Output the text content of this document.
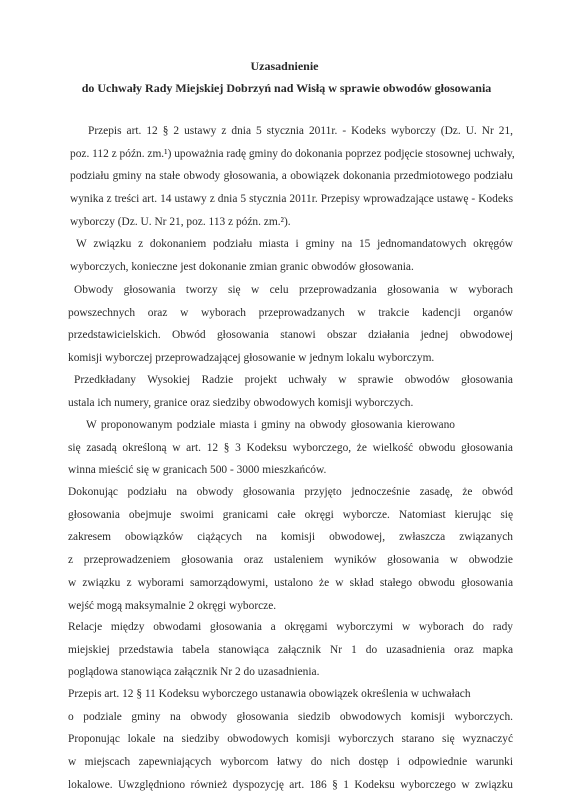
Uzasadnienie
do Uchwały Rady Miejskiej Dobrzyń nad Wisłą w sprawie obwodów głosowania
Przepis art. 12 § 2 ustawy z dnia 5 stycznia 2011r. - Kodeks wyborczy (Dz. U. Nr 21,
poz. 112 z późn. zm.¹) upoważnia radę gminy do dokonania poprzez podjęcie stosownej uchwały,
podziału gminy na stałe obwody głosowania, a obowiązek dokonania przedmiotowego podziału
wynika z treści art. 14 ustawy z dnia 5 stycznia 2011r. Przepisy wprowadzające ustawę - Kodeks
wyborczy (Dz. U. Nr 21, poz. 113 z późn. zm.²).
W związku z dokonaniem podziału miasta i gminy na 15 jednomandatowych okręgów
wyborczych, konieczne jest dokonanie zmian granic obwodów głosowania.
Obwody głosowania tworzy się w celu przeprowadzania głosowania w wyborach
powszechnych oraz w wyborach przeprowadzanych w trakcie kadencji organów
przedstawicielskich. Obwód głosowania stanowi obszar działania jednej obwodowej
komisji wyborczej przeprowadzającej głosowanie w jednym lokalu wyborczym.
Przedkładany Wysokiej Radzie projekt uchwały w sprawie obwodów głosowania
ustala ich numery, granice oraz siedziby obwodowych komisji wyborczych.
W proponowanym podziale miasta i gminy na obwody głosowania kierowano
się zasadą określoną w art. 12 § 3 Kodeksu wyborczego, że wielkość obwodu głosowania
winna mieścić się w granicach 500 - 3000 mieszkańców.
Dokonując podziału na obwody głosowania przyjęto jednocześnie zasadę, że obwód
głosowania obejmuje swoimi granicami całe okręgi wyborcze. Natomiast kierując się
zakresem obowiązków ciążących na komisji obwodowej, zwłaszcza związanych
z przeprowadzeniem głosowania oraz ustaleniem wyników głosowania w obwodzie
w związku z wyborami samorządowymi, ustalono że w skład stałego obwodu głosowania
wejść mogą maksymalnie 2 okręgi wyborcze.
Relacje między obwodami głosowania a okręgami wyborczymi w wyborach do rady
miejskiej przedstawia tabela stanowiąca załącznik Nr 1 do uzasadnienia oraz mapka
poglądowa stanowiąca załącznik Nr 2 do uzasadnienia.
Przepis art. 12 § 11 Kodeksu wyborczego ustanawia obowiązek określenia w uchwałach
o podziale gminy na obwody głosowania siedzib obwodowych komisji wyborczych.
Proponując lokale na siedziby obwodowych komisji wyborczych starano się wyznaczyć
w miejscach zapewniających wyborcom łatwy do nich dostęp i odpowiednie warunki
lokalowe. Uwzględniono również dyspozycję art. 186 § 1 Kodeksu wyborczego w związku
